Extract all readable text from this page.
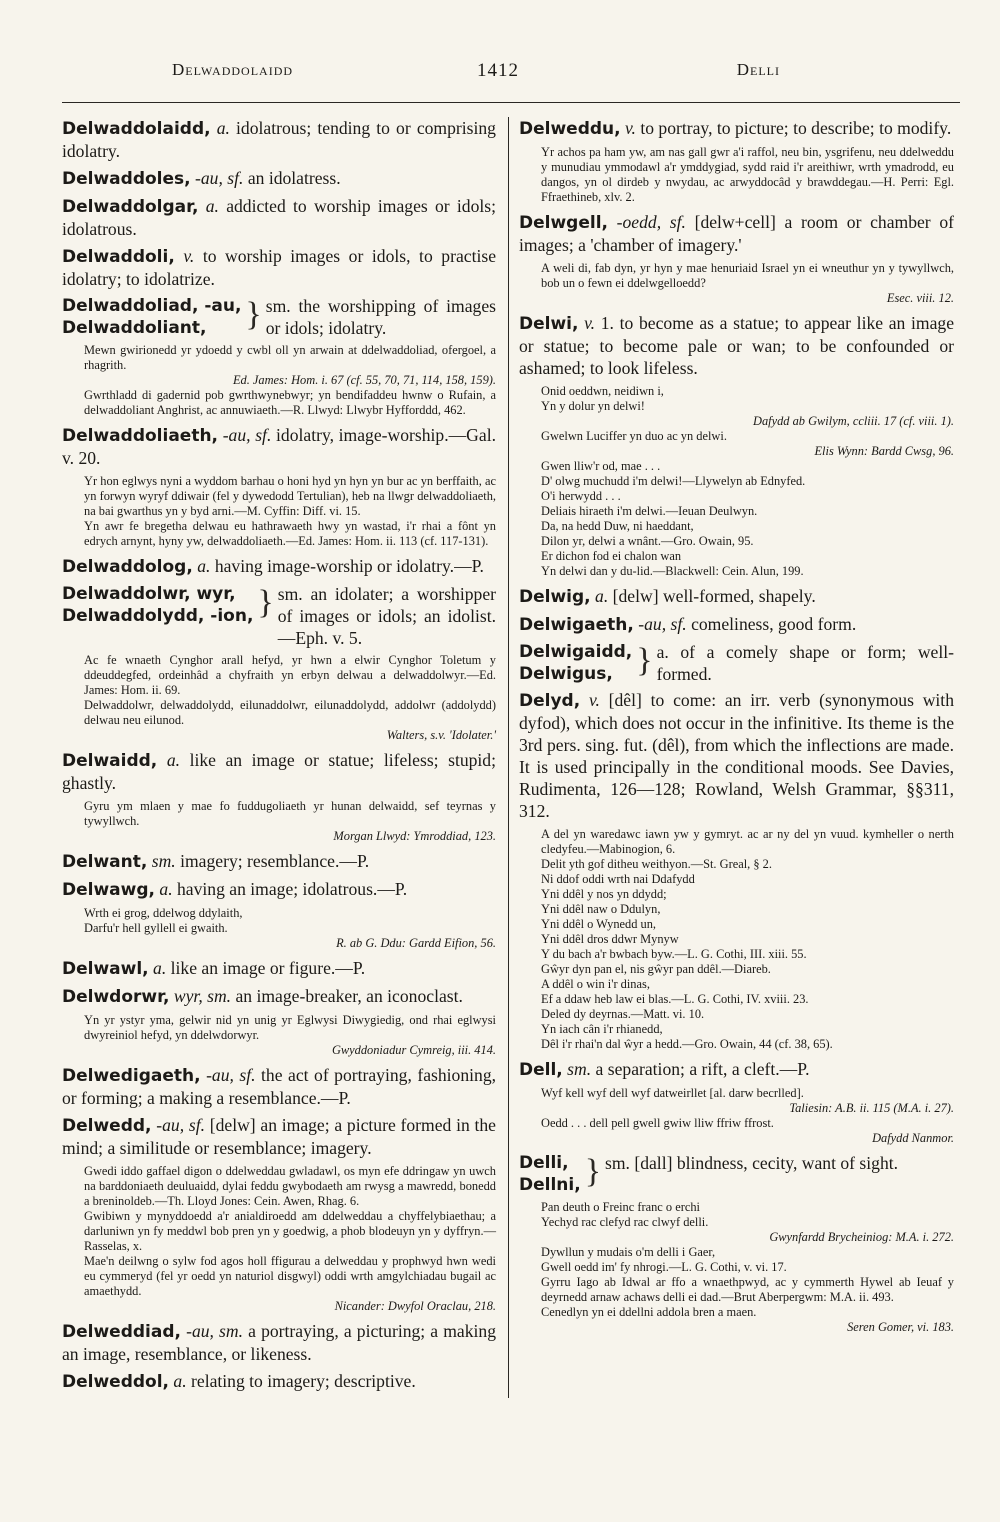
Delwaddolaidd	1412	Delli

Delwaddolaidd, a. idolatrous; tending to or comprising idolatry.

Delwaddoles, -au, sf. an idolatress.

Delwaddolgar, a. addicted to worship images or idols; idolatrous.

Delwaddoli, v. to worship images or idols, to practise idolatry; to idolatrize.

Delwaddoliad, -au,
Delwaddoliant,	} sm. the worshipping of images or idols; idolatry.
Mewn gwirionedd yr ydoedd y cwbl oll yn arwain at ddelwaddoliad, ofergoel, a rhagrith.
Ed. James: Hom. i. 67 (cf. 55, 70, 71, 114, 158, 159).
Gwrthladd di gadernid pob gwrthwynebwyr; yn bendifaddeu hwnw o Rufain, a delwaddoliant Anghrist, ac annuwiaeth.—R. Llwyd: Llwybr Hyfforddd, 462.

Delwaddoliaeth, -au, sf. idolatry, image-worship.—Gal. v. 20.

Yr hon eglwys nyni a wyddom barhau o honi hyd yn hyn yn bur ac yn berffaith, ac yn forwyn wyryf ddiwair (fel y dywedodd Tertulian), heb na llwgr delwaddoliaeth, na bai gwarthus yn y byd arni.—M. Cyffin: Diff. vi. 15.
Yn awr fe bregetha delwau eu hathrawaeth hwy yn wastad, i'r rhai a fônt yn edrych arnynt, hyny yw, delwaddoliaeth.—Ed. James: Hom. ii. 113 (cf. 117-131).

Delwaddolog, a. having image-worship or idolatry.—P.

Delwaddolwr, wyr,
Delwaddolydd, -ion, } sm. an idolater; a worshipper of images or idols; an idolist.—Eph. v. 5.
Ac fe wnaeth Cynghor arall hefyd, yr hwn a elwir Cynghor Toletum y ddeuddegfed, ordeinhâd a chyfraith yn erbyn delwau a delwaddolwyr.—Ed. James: Hom. ii. 69.
Delwaddolwr, delwaddolydd, eilunaddolwr, eilunaddolydd, addolwr (addolydd) delwau neu eilunod.
Walters, s.v. 'Idolater.'

Delwaidd, a. like an image or statue; lifeless; stupid; ghastly.

Gyru ym mlaen y mae fo fuddugoliaeth yr hunan delwaidd, sef teyrnas y tywyllwch.
Morgan Llwyd: Ymroddiad, 123.

Delwant, sm. imagery; resemblance.—P.

Delwawg, a. having an image; idolatrous.—P.

Wrth ei grog, ddelwog ddylaith,
Darfu'r hell gyllell ei gwaith.
R. ab G. Ddu: Gardd Eifion, 56.

Delwawl, a. like an image or figure.—P.

Delwdorwr, wyr, sm. an image-breaker, an iconoclast.

Yn yr ystyr yma, gelwir nid yn unig yr Eglwysi Diwygiedig, ond rhai eglwysi dwyreiniol hefyd, yn ddelwdorwyr.
Gwyddoniadur Cymreig, iii. 414.

Delwedigaeth, -au, sf. the act of portraying, fashioning, or forming; a making a resemblance.—P.

Delwedd, -au, sf. [delw] an image; a picture formed in the mind; a similitude or resemblance; imagery.

Gwedi iddo gaffael digon o ddelweddau gwladawl, os myn efe ddringaw yn uwch na barddoniaeth deuluaidd, dylai feddu gwybodaeth am rwysg a mawredd, bonedd a breninoldeb.—Th. Lloyd Jones: Cein. Awen, Rhag. 6.
Gwibiwn y mynyddoedd a'r anialdiroedd am ddelweddau a chyffelybiaethau; a darluniwn yn fy meddwl bob pren yn y goedwig, a phob blodeuyn yn y dyffryn.—Rasselas, x.
Mae'n deilwng o sylw fod agos holl ffigurau a delweddau y prophwyd hwn wedi eu cymmeryd (fel yr oedd yn naturiol disgwyl) oddi wrth amgylchiadau bugail ac amaethydd.
Nicander: Dwyfol Oraclau, 218.

Delweddiad, -au, sm. a portraying, a picturing; a making an image, resemblance, or likeness.

Delweddol, a. relating to imagery; descriptive.

Delweddu, v. to portray, to picture; to describe; to modify.

Yr achos pa ham yw, am nas gall gwr a'i raffol, neu bin, ysgrifenu, neu ddelweddu y munudiau ymmodawl a'r ymddygiad, sydd raid i'r areithiwr, wrth ymadrodd, eu dangos, yn ol dirdeb y nwydau, ac arwyddocâd y brawddegau.—H. Perri: Egl. Ffraethineb, xlv. 2.

Delwgell, -oedd, sf. [delw+cell] a room or chamber of images; a 'chamber of imagery.'

A weli di, fab dyn, yr hyn y mae henuriaid Israel yn ei wneuthur yn y tywyllwch, bob un o fewn ei ddelwgelloedd?
Esec. viii. 12.

Delwi, v. 1. to become as a statue; to appear like an image or statue; to become pale or wan; to be confounded or ashamed; to look lifeless.

Onid oeddwn, neidiwn i,
Yn y dolur yn delwi!
Dafydd ab Gwilym, ccliii. 17 (cf. viii. 1).
Gwelwn Luciffer yn duo ac yn delwi.
Elis Wynn: Bardd Cwsg, 96.
Gwen lliw'r od, mae . . .
D' olwg muchudd i'm delwi!—Llywelyn ab Ednyfed.
O'i herwydd . . .
Deliais hiraeth i'm delwi.—Ieuan Deulwyn.
Da, na hedd Duw, ni haeddant,
Dilon yr, delwi a wnânt.—Gro. Owain, 95.
Er dichon fod ei chalon wan
Yn delwi dan y du-lid.—Blackwell: Cein. Alun, 199.

Delwig, a. [delw] well-formed, shapely.

Delwigaeth, -au, sf. comeliness, good form.

Delwigaidd,
Delwigus, } a. of a comely shape or form; well-formed.

Delyd, v. [dêl] to come: an irr. verb (synonymous with dyfod), which does not occur in the infinitive. Its theme is the 3rd pers. sing. fut. (dêl), from which the inflections are made. It is used principally in the conditional moods. See Davies, Rudimenta, 126—128; Rowland, Welsh Grammar, §§311, 312.

A del yn waredawc iawn yw y gymryt. ac ar ny del yn vuud. kymheller o nerth cledyfeu.—Mabinogion, 6.
Delit yth gof ditheu weithyon.—St. Greal, § 2.
Ni ddof oddi wrth nai Ddafydd
Yni ddêl y nos yn ddydd;
Yni ddêl naw o Ddulyn,
Yni ddêl o Wynedd un,
Yni ddêl dros ddwr Mynyw
Y du bach a'r bwbach byw.—L. G. Cothi, III. xiii. 55.
Gŵyr dyn pan el, nis gŵyr pan ddêl.—Diareb.
A ddêl o win i'r dinas,
Ef a ddaw heb law ei blas.—L. G. Cothi, IV. xviii. 23.
Deled dy deyrnas.—Matt. vi. 10.
Yn iach cân i'r rhianedd,
Dêl i'r rhai'n dal ŵyr a hedd.—Gro. Owain, 44 (cf. 38, 65).

Dell, sm. a separation; a rift, a cleft.—P.

Wyf kell wyf dell wyf datweirllet [al. darw becrlled].
Taliesin: A.B. ii. 115 (M.A. i. 27).
Oedd . . . dell pell gwell gwiw lliw ffriw ffrost.
Dafydd Nanmor.
Delli,
Dellni, } sm. [dall] blindness, cecity, want of sight.
Pan deuth o Freinc franc o erchi
Yechyd rac clefyd rac clwyf delli.
Gwynfardd Brycheiniog: M.A. i. 272.
Dywllun y mudais o'm delli i Gaer,
Gwell oedd im' fy nhrogi.—L. G. Cothi, v. vi. 17.
Gyrru Iago ab Idwal ar ffo a wnaethpwyd, ac y cymmerth Hywel ab Ieuaf y deyrnedd arnaw achaws delli ei dad.—Brut Aberpergwm: M.A. ii. 493.
Cenedlyn yn ei ddellni addola bren a maen.
Seren Gomer, vi. 183.
